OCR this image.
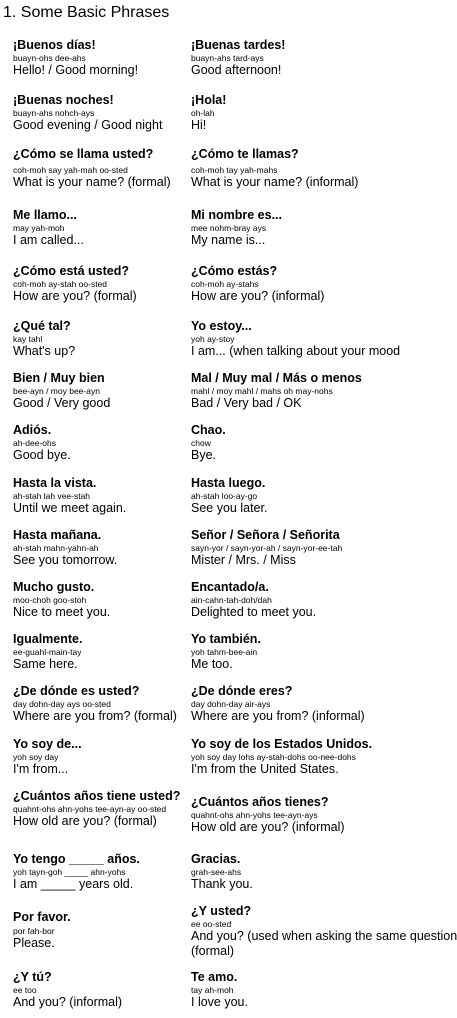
1. Some Basic Phrases
¡Buenos días!
buayn-ohs dee-ahs
Hello! / Good morning!
¡Buenas noches!
buayn-ahs nohch-ays
Good evening / Good night
¿Cómo se llama usted?
coh-moh say yah-mah oo-sted
What is your name? (formal)
Me llamo...
may yah-moh
I am called...
¿Cómo está usted?
coh-moh ay-stah oo-sted
How are you? (formal)
¿Qué tal?
kay tahl
What's up?
Bien / Muy bien
bee-ayn / moy bee-ayn
Good / Very good
Adiós.
ah-dee-ohs
Good bye.
Hasta la vista.
ah-stah lah vee-stah
Until we meet again.
Hasta mañana.
ah-stah mahn-yahn-ah
See you tomorrow.
Mucho gusto.
moo-choh goo-stoh
Nice to meet you.
Igualmente.
ee-guahl-main-tay
Same here.
¿De dónde es usted?
day dohn-day ays oo-sted
Where are you from? (formal)
Yo soy de...
yoh soy day
I'm from...
¿Cuántos años tiene usted?
quahnt-ohs ahn-yohs tee-ayn-ay oo-sted
How old are you? (formal)
Yo tengo _____ años.
yoh tayn-goh _____ ahn-yohs
I am _____ years old.
Por favor.
por fah-bor
Please.
¿Y tú?
ee too
And you? (informal)
¡Buenas tardes!
buayn-ahs tard-ays
Good afternoon!
¡Hola!
oh-lah
Hi!
¿Cómo te llamas?
coh-moh tay yah-mahs
What is your name? (informal)
Mi nombre es...
mee nohm-bray ays
My name is...
¿Cómo estás?
coh-moh ay-stahs
How are you? (informal)
Yo estoy...
yoh ay-stoy
I am... (when talking about your mood
Mal / Muy mal / Más o menos
mahl / moy mahl / mahs oh may-nohs
Bad / Very bad / OK
Chao.
chow
Bye.
Hasta luego.
ah-stah loo-ay-go
See you later.
Señor / Señora / Señorita
sayn-yor / sayn-yor-ah / sayn-yor-ee-tah
Mister / Mrs. / Miss
Encantado/a.
ain-cahn-tah-doh/dah
Delighted to meet you.
Yo también.
yoh tahm-bee-ain
Me too.
¿De dónde eres?
day dohn-day air-ays
Where are you from? (informal)
Yo soy de los Estados Unidos.
yoh soy day lohs ay-stah-dohs oo-nee-dohs
I'm from the United States.
¿Cuántos años tienes?
quahnt-ohs ahn-yohs tee-ayn-ays
How old are you? (informal)
Gracias.
grah-see-ahs
Thank you.
¿Y usted?
ee oo-sted
And you? (used when asking the same question
(formal)
Te amo.
tay ah-moh
I love you.
